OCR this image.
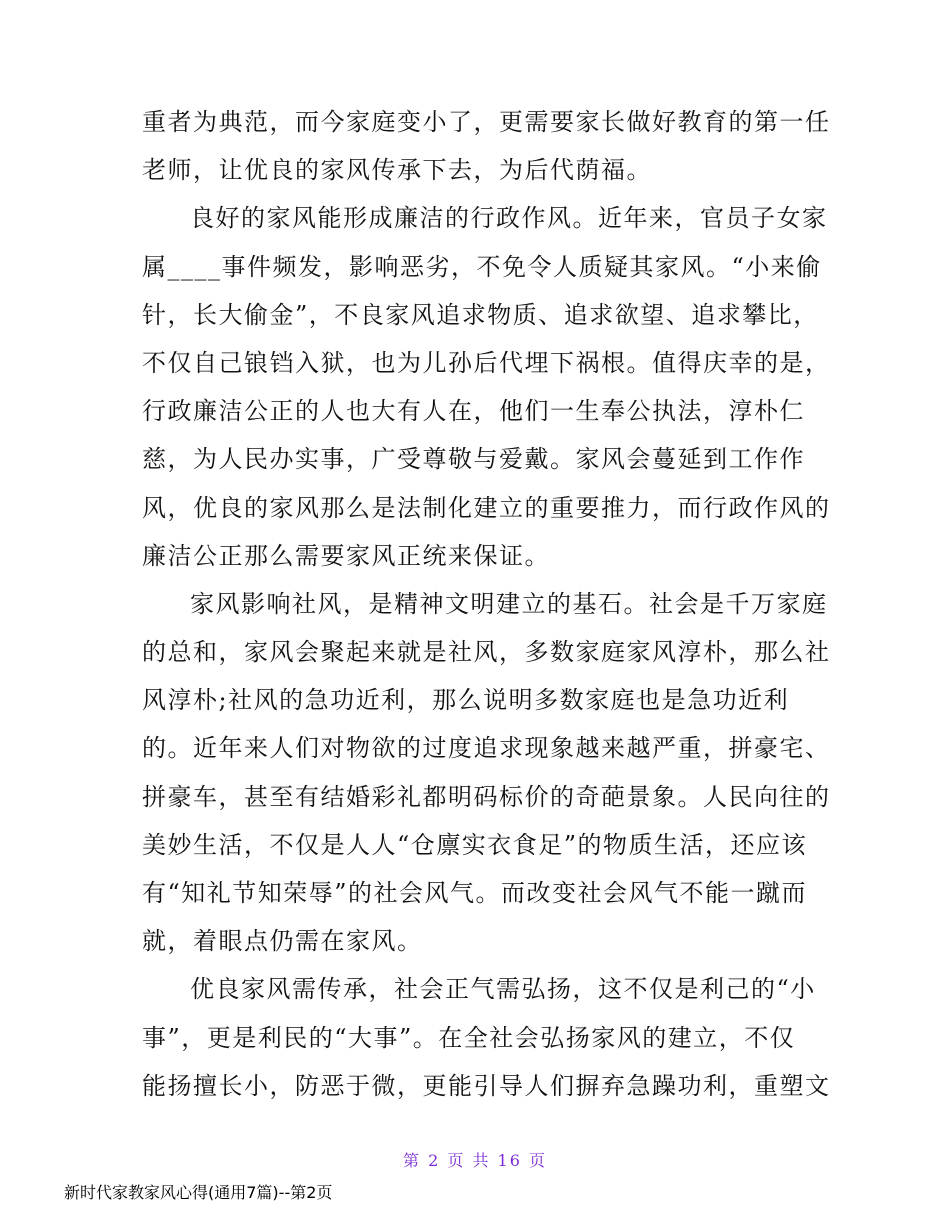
重者为典范，而今家庭变小了，更需要家长做好教育的第一任
老师，让优良的家风传承下去，为后代荫福。
良好的家风能形成廉洁的行政作风。近年来，官员子女家
属____事件频发，影响恶劣，不免令人质疑其家风。“小来偷
针，长大偷金”，不良家风追求物质、追求欲望、追求攀比，
不仅自己锒铛入狱，也为儿孙后代埋下祸根。值得庆幸的是，
行政廉洁公正的人也大有人在，他们一生奉公执法，淳朴仁
慈，为人民办实事，广受尊敬与爱戴。家风会蔓延到工作作
风，优良的家风那么是法制化建立的重要推力，而行政作风的
廉洁公正那么需要家风正统来保证。
家风影响社风，是精神文明建立的基石。社会是千万家庭
的总和，家风会聚起来就是社风，多数家庭家风淳朴，那么社
风淳朴;社风的急功近利，那么说明多数家庭也是急功近利
的。近年来人们对物欲的过度追求现象越来越严重，拼豪宅、
拼豪车，甚至有结婚彩礼都明码标价的奇葩景象。人民向往的
美妙生活，不仅是人人“仓廪实衣食足”的物质生活，还应该
有“知礼节知荣辱”的社会风气。而改变社会风气不能一蹴而
就，着眼点仍需在家风。
优良家风需传承，社会正气需弘扬，这不仅是利己的“小
事”，更是利民的“大事”。在全社会弘扬家风的建立，不仅
能扬擅长小，防恶于微，更能引导人们摒弃急躁功利，重塑文
第 2 页 共 16 页
新时代家教家风心得(通用7篇)--第2页
